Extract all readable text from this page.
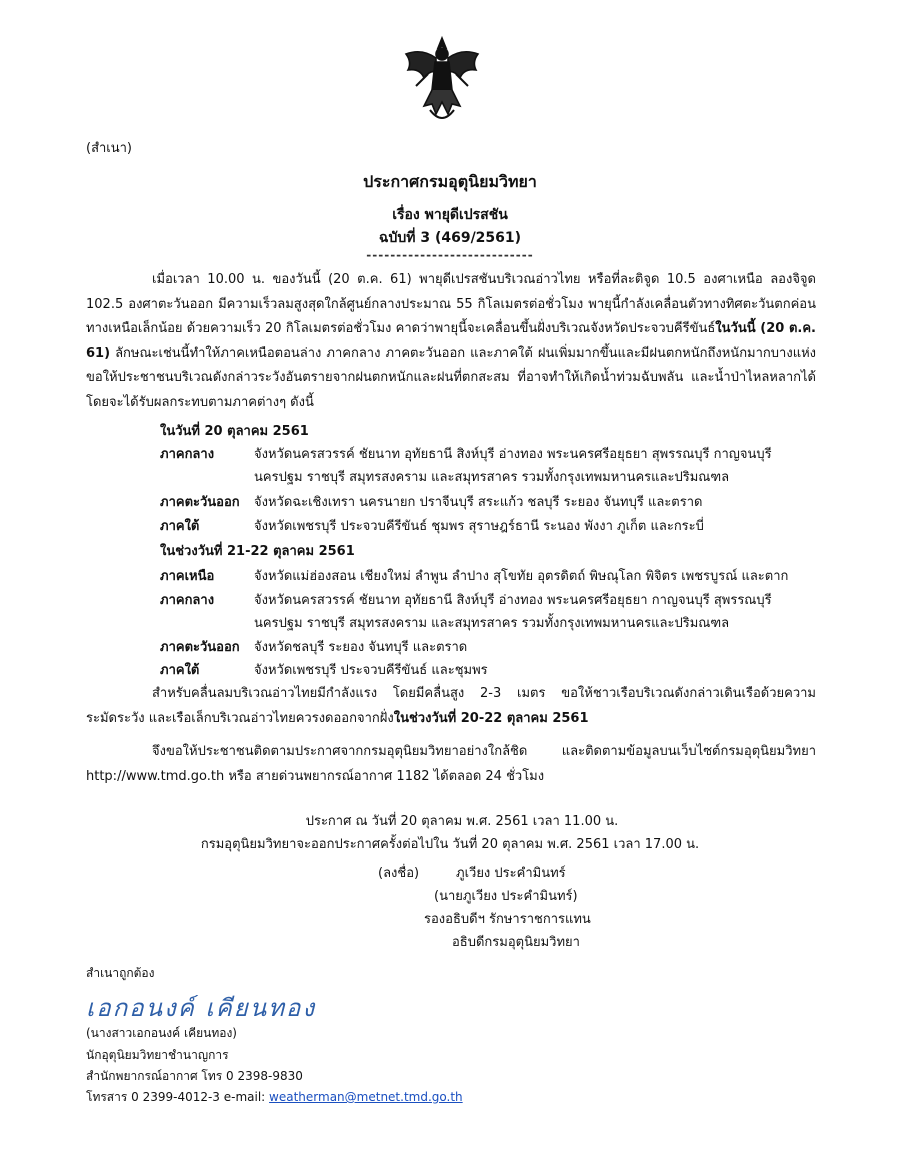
(สำเนา)
ประกาศกรมอุตุนิยมวิทยา
เรื่อง พายุดีเปรสชัน
ฉบับที่ 3 (469/2561)
----------------------------
เมื่อเวลา 10.00 น. ของวันนี้ (20 ต.ค. 61) พายุดีเปรสชันบริเวณอ่าวไทย หรือที่ละติจูด 10.5 องศาเหนือ ลองจิจูด 102.5 องศาตะวันออก มีความเร็วลมสูงสุดใกล้ศูนย์กลางประมาณ 55 กิโลเมตรต่อชั่วโมง พายุนี้กำลังเคลื่อนตัวทางทิศตะวันตกค่อนทางเหนือเล็กน้อย ด้วยความเร็ว 20 กิโลเมตรต่อชั่วโมง คาดว่าพายุนี้จะเคลื่อนขึ้นฝั่งบริเวณจังหวัดประจวบคีรีขันธ์ในวันนี้ (20 ต.ค. 61) ลักษณะเช่นนี้ทำให้ภาคเหนือตอนล่าง ภาคกลาง ภาคตะวันออก และภาคใต้ ฝนเพิ่มมากขึ้นและมีฝนตกหนักถึงหนักมากบางแห่ง ขอให้ประชาชนบริเวณดังกล่าวระวังอันตรายจากฝนตกหนักและฝนที่ตกสะสม ที่อาจทำให้เกิดน้ำท่วมฉับพลัน และน้ำป่าไหลหลากได้ โดยจะได้รับผลกระทบตามภาคต่างๆ ดังนี้
ในวันที่ 20 ตุลาคม 2561
ภาคกลาง	จังหวัดนครสวรรค์ ชัยนาท อุทัยธานี สิงห์บุรี อ่างทอง พระนครศรีอยุธยา สุพรรณบุรี กาญจนบุรี นครปฐม ราชบุรี สมุทรสงคราม และสมุทรสาคร รวมทั้งกรุงเทพมหานครและปริมณฑล
ภาคตะวันออก	จังหวัดฉะเชิงเทรา นครนายก ปราจีนบุรี สระแก้ว ชลบุรี ระยอง จันทบุรี และตราด
ภาคใต้	จังหวัดเพชรบุรี ประจวบคีรีขันธ์ ชุมพร สุราษฎร์ธานี ระนอง พังงา ภูเก็ต และกระบี่
ในช่วงวันที่ 21-22 ตุลาคม 2561
ภาคเหนือ	จังหวัดแม่ฮ่องสอน เชียงใหม่ ลำพูน ลำปาง สุโขทัย อุตรดิตถ์ พิษณุโลก พิจิตร เพชรบูรณ์ และตาก
ภาคกลาง	จังหวัดนครสวรรค์ ชัยนาท อุทัยธานี สิงห์บุรี อ่างทอง พระนครศรีอยุธยา กาญจนบุรี สุพรรณบุรี นครปฐม ราชบุรี สมุทรสงคราม และสมุทรสาคร รวมทั้งกรุงเทพมหานครและปริมณฑล
ภาคตะวันออก	จังหวัดชลบุรี ระยอง จันทบุรี และตราด
ภาคใต้	จังหวัดเพชรบุรี ประจวบคีรีขันธ์ และชุมพร
สำหรับคลื่นลมบริเวณอ่าวไทยมีกำลังแรง โดยมีคลื่นสูง 2-3 เมตร ขอให้ชาวเรือบริเวณดังกล่าวเดินเรือด้วยความระมัดระวัง และเรือเล็กบริเวณอ่าวไทยควรงดออกจากฝั่งในช่วงวันที่ 20-22 ตุลาคม 2561
จึงขอให้ประชาชนติดตามประกาศจากกรมอุตุนิยมวิทยาอย่างใกล้ชิด และติดตามข้อมูลบนเว็บไซต์กรมอุตุนิยมวิทยา http://www.tmd.go.th หรือ สายด่วนพยากรณ์อากาศ 1182 ได้ตลอด 24 ชั่วโมง
ประกาศ ณ วันที่ 20 ตุลาคม พ.ศ. 2561 เวลา 11.00 น.
กรมอุตุนิยมวิทยาจะออกประกาศครั้งต่อไปใน วันที่ 20 ตุลาคม พ.ศ. 2561 เวลา 17.00 น.
(ลงชื่อ)	ภูเวียง ประคำมินทร์
(นายภูเวียง ประคำมินทร์)
รองอธิบดีฯ รักษาราชการแทน
อธิบดีกรมอุตุนิยมวิทยา
สำเนาถูกต้อง
เอกอนงค์ เคียนทอง
(นางสาวเอกอนงค์ เคียนทอง)
นักอุตุนิยมวิทยาชำนาญการ
สำนักพยากรณ์อากาศ โทร 0 2398-9830
โทรสาร 0 2399-4012-3 e-mail: weatherman@metnet.tmd.go.th
